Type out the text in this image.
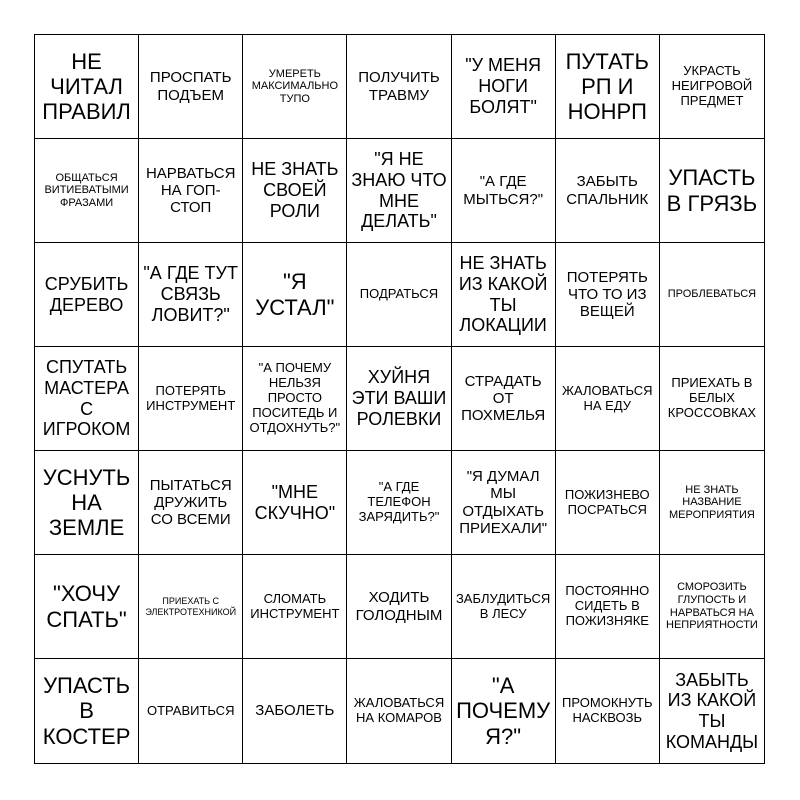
НЕ ЧИТАЛ ПРАВИЛ
ПРОСПАТЬ ПОДЪЕМ
УМЕРЕТЬ МАКСИМАЛЬНО ТУПО
ПОЛУЧИТЬ ТРАВМУ
"У МЕНЯ НОГИ БОЛЯТ"
ПУТАТЬ РП И НОНРП
УКРАСТЬ НЕИГРОВОЙ ПРЕДМЕТ
ОБЩАТЬСЯ ВИТИЕВАТЫМИ ФРАЗАМИ
НАРВАТЬСЯ НА ГОП-СТОП
НЕ ЗНАТЬ СВОЕЙ РОЛИ
"Я НЕ ЗНАЮ ЧТО МНЕ ДЕЛАТЬ"
"А ГДЕ МЫТЬСЯ?"
ЗАБЫТЬ СПАЛЬНИК
УПАСТЬ В ГРЯЗЬ
СРУБИТЬ ДЕРЕВО
"А ГДЕ ТУТ СВЯЗЬ ЛОВИТ?"
"Я УСТАЛ"
ПОДРАТЬСЯ
НЕ ЗНАТЬ ИЗ КАКОЙ ТЫ ЛОКАЦИИ
ПОТЕРЯТЬ ЧТО ТО ИЗ ВЕЩЕЙ
ПРОБЛЕВАТЬСЯ
СПУТАТЬ МАСТЕРА С ИГРОКОМ
ПОТЕРЯТЬ ИНСТРУМЕНТ
"А ПОЧЕМУ НЕЛЬЗЯ ПРОСТО ПОСИТЕДЬ И ОТДОХНУТЬ?"
ХУЙНЯ ЭТИ ВАШИ РОЛЕВКИ
СТРАДАТЬ ОТ ПОХМЕЛЬЯ
ЖАЛОВАТЬСЯ НА ЕДУ
ПРИЕХАТЬ В БЕЛЫХ КРОССОВКАХ
УСНУТЬ НА ЗЕМЛЕ
ПЫТАТЬСЯ ДРУЖИТЬ СО ВСЕМИ
"МНЕ СКУЧНО"
"А ГДЕ ТЕЛЕФОН ЗАРЯДИТЬ?"
"Я ДУМАЛ МЫ ОТДЫХАТЬ ПРИЕХАЛИ"
ПОЖИЗНЕВО ПОСРАТЬСЯ
НЕ ЗНАТЬ НАЗВАНИЕ МЕРОПРИЯТИЯ
"ХОЧУ СПАТЬ"
ПРИЕХАТЬ С ЭЛЕКТРОТЕХНИКОЙ
СЛОМАТЬ ИНСТРУМЕНТ
ХОДИТЬ ГОЛОДНЫМ
ЗАБЛУДИТЬСЯ В ЛЕСУ
ПОСТОЯННО СИДЕТЬ В ПОЖИЗНЯКЕ
СМОРОЗИТЬ ГЛУПОСТЬ И НАРВАТЬСЯ НА НЕПРИЯТНОСТИ
УПАСТЬ В КОСТЕР
ОТРАВИТЬСЯ	ЗАБОЛЕТЬ	ЖАЛОВАТЬСЯ НА КОМАРОВ
"А ПОЧЕМУ Я?"
ПРОМОКНУТЬ НАСКВОЗЬ
ЗАБЫТЬ ИЗ КАКОЙ ТЫ КОМАНДЫ
